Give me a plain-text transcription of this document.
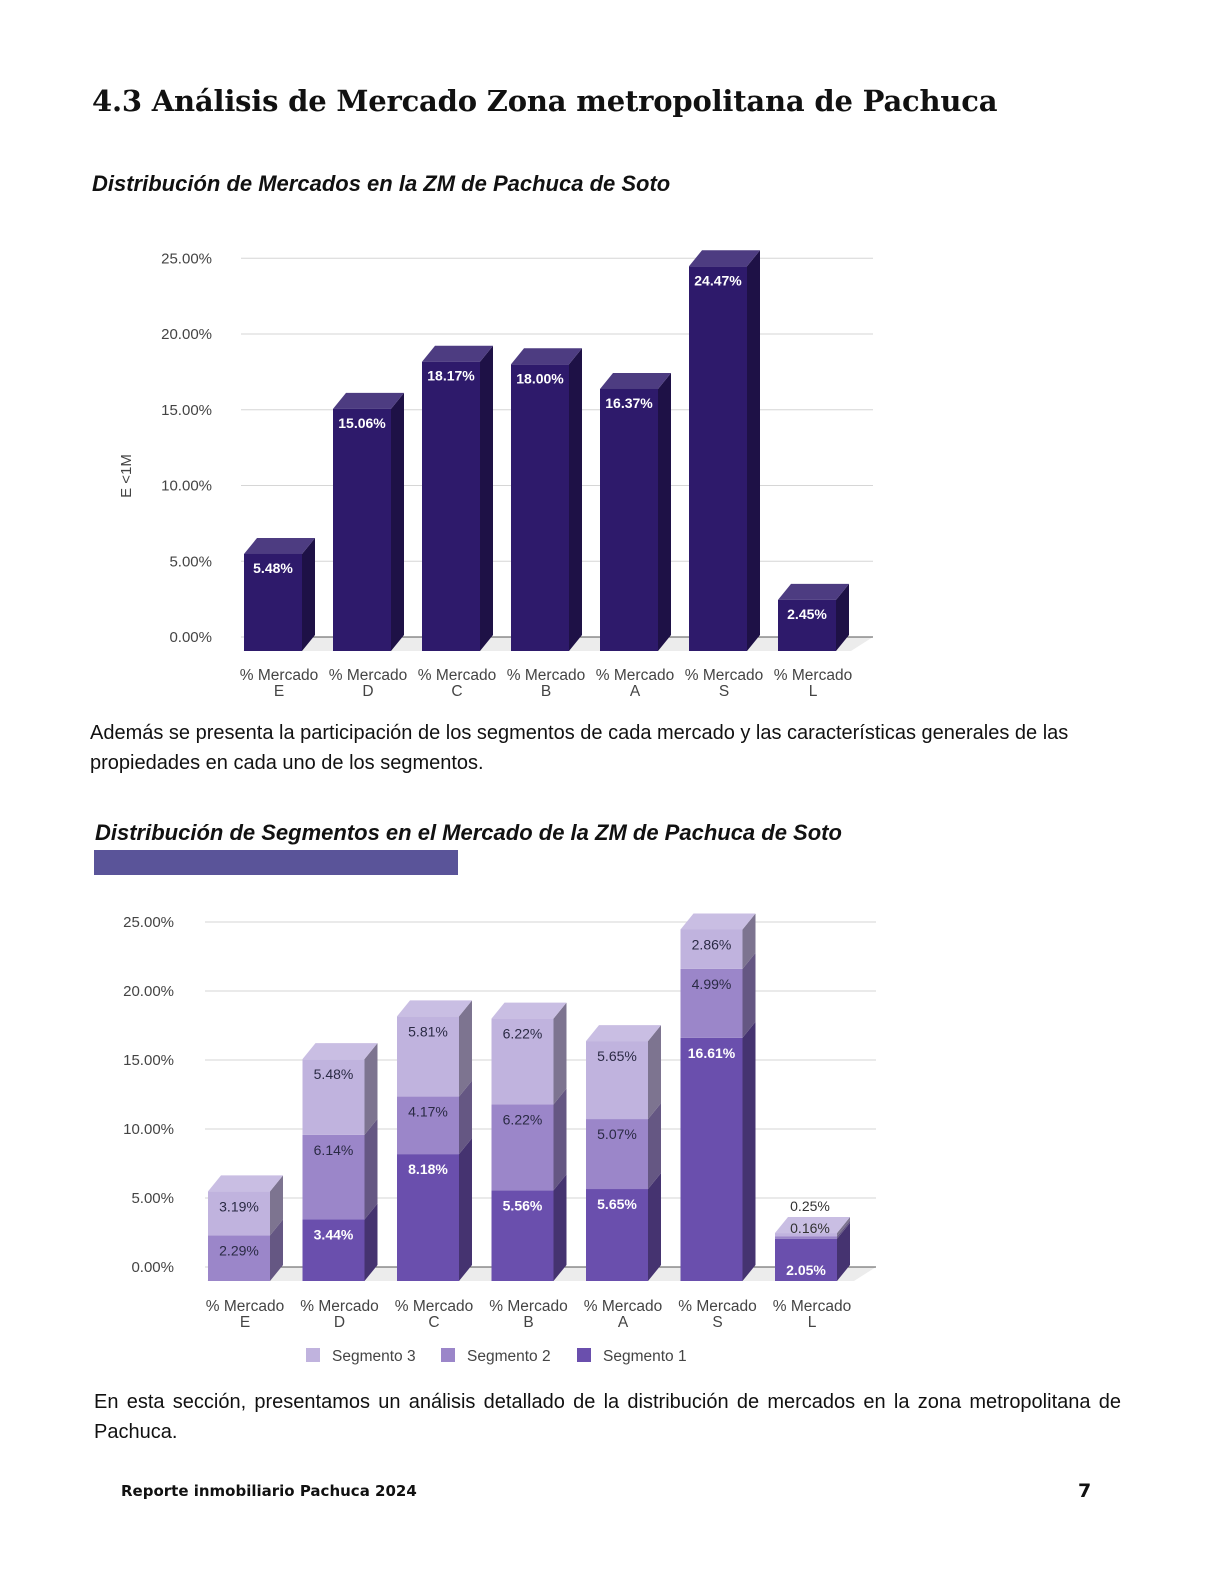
4.3 Análisis de Mercado Zona metropolitana de Pachuca
Distribución de Mercados en la ZM de Pachuca de Soto
0.00%
5.00%
10.00%
15.00%
20.00%
25.00%
5.48%
15.06%
18.17%	18.00%
16.37%
24.47%
2.45%
% Mercado
E
% Mercado
D
% Mercado
C
% Mercado
B
% Mercado
A
% Mercado
S
% Mercado
L
E <1M
Además se presenta la participación de los segmentos de cada mercado y las características generales de las propiedades en cada uno de los segmentos.
Distribución de Segmentos en el Mercado de la ZM de Pachuca de Soto
0.00%
5.00%
10.00%
15.00%
20.00%
25.00%
2.29%
3.19%
3.44%
6.14%
5.48%
8.18%
4.17%
5.81%
5.56%
6.22%
6.22%
5.65%
5.07%
5.65%	16.61%
4.99%
2.86%
2.05%
0.16%
0.25%
% Mercado
E
% Mercado
D
% Mercado
C
% Mercado
B
% Mercado
A
% Mercado
S
% Mercado
L
Segmento 3	Segmento 2	Segmento 1
En esta sección, presentamos un análisis detallado de la distribución de mercados en la zona metropolitana de Pachuca.
Reporte inmobiliario Pachuca 2024	7
